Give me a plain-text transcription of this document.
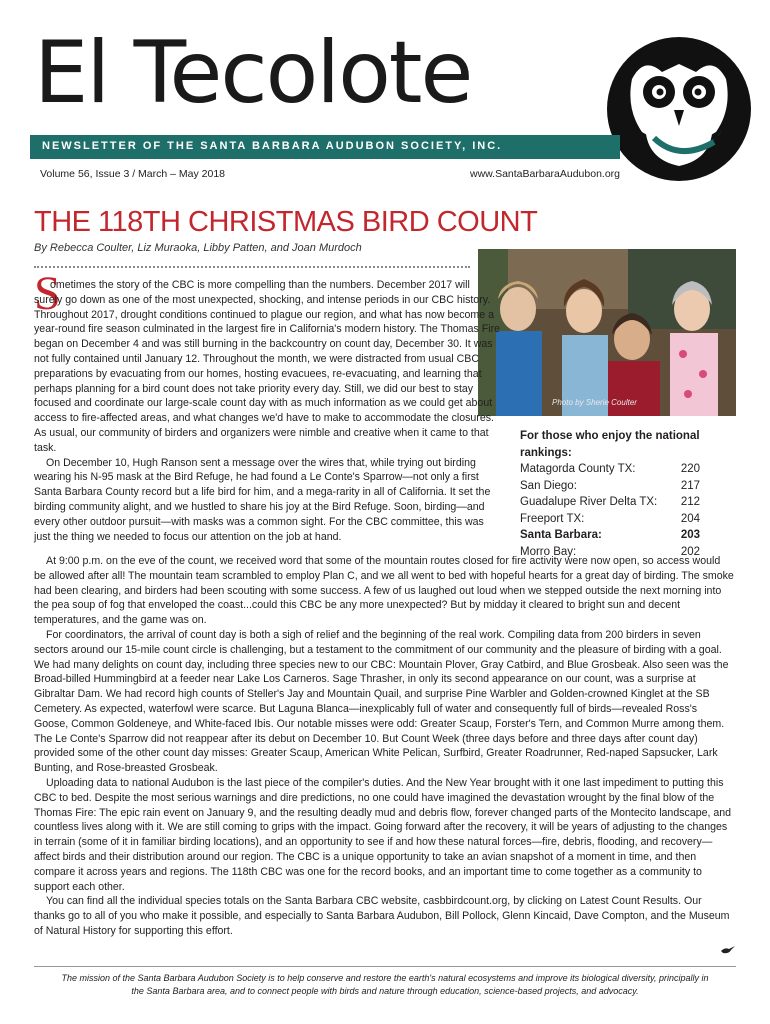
El Tecolote
NEWSLETTER OF THE SANTA BARBARA AUDUBON SOCIETY, INC.
Volume 56, Issue 3 / March – May 2018	www.SantaBarbaraAudubon.org
THE 118TH CHRISTMAS BIRD COUNT
By Rebecca Coulter, Liz Muraoka, Libby Patten, and Joan Murdoch
Photo by Sherie Coulter
S

ometimes the story of the CBC is more compelling than the numbers. December 2017 will surely go down as one of the most unexpected, shocking, and intense periods in our CBC history. Throughout 2017, drought conditions continued to plague our region, and what has now become a year-round fire season culminated in the largest fire in California's modern history. The Thomas Fire began on December 4 and was still burning in the backcountry on count day, December 30. It was not fully contained until January 12. Throughout the month, we were distracted from usual CBC preparations by evacuating from our homes, hosting evacuees, re-evacuating, and learning that perhaps planning for a bird count does not take priority every day. Still, we did our best to stay focused and coordinate our large-scale count day with as much information as we could get about access to fire-affected areas, and what changes we'd have to make to accommodate the closures. As usual, our community of birders and organizers were nimble and creative when it came to that task.

On December 10, Hugh Ranson sent a message over the wires that, while trying out birding wearing his N-95 mask at the Bird Refuge, he had found a Le Conte's Sparrow—not only a first Santa Barbara County record but a life bird for him, and a mega-rarity in all of California. It set the birding community alight, and we hustled to share his joy at the Bird Refuge. Soon, birding—and every other outdoor pursuit—with masks was a common sight. For the CBC committee, this was just the thing we needed to focus our attention on the job at hand.

For those who enjoy the national rankings:
Matagorda County TX:	220
San Diego:	217
Guadalupe River Delta TX: 212
Freeport TX:	204
Santa Barbara:	203
Morro Bay:	202

At 9:00 p.m. on the eve of the count, we received word that some of the mountain routes closed for fire activity were now open, so access would be allowed after all! The mountain team scrambled to employ Plan C, and we all went to bed with hopeful hearts for a great day of birding. The smoke had been clearing, and birders had been scouting with some success. A few of us laughed out loud when we stepped outside the next morning into the pea soup of fog that enveloped the coast...could this CBC be any more unexpected? But by midday it cleared to bright sun and decent temperatures, and the game was on.

For coordinators, the arrival of count day is both a sigh of relief and the beginning of the real work. Compiling data from 200 birders in seven sectors around our 15-mile count circle is challenging, but a testament to the commitment of our community and the pleasure of birding with a goal. We had many delights on count day, including three species new to our CBC: Mountain Plover, Gray Catbird, and Blue Grosbeak. Also seen was the Broad-billed Hummingbird at a feeder near Lake Los Carneros. Sage Thrasher, in only its second appearance on our count, was a surprise at Gibraltar Dam. We had record high counts of Steller's Jay and Mountain Quail, and surprise Pine Warbler and Golden-crowned Kinglet at the SB Cemetery. As expected, waterfowl were scarce. But Laguna Blanca—inexplicably full of water and consequently full of birds—revealed Ross's Goose, Common Goldeneye, and White-faced Ibis. Our notable misses were odd: Greater Scaup, Forster's Tern, and Common Murre among them. The Le Conte's Sparrow did not reappear after its debut on December 10. But Count Week (three days before and three days after count day) provided some of the other count day misses: Greater Scaup, American White Pelican, Surfbird, Greater Roadrunner, Red-naped Sapsucker, Lark Bunting, and Rose-breasted Grosbeak.

Uploading data to national Audubon is the last piece of the compiler's duties. And the New Year brought with it one last impediment to putting this CBC to bed. Despite the most serious warnings and dire predictions, no one could have imagined the devastation wrought by the final blow of the Thomas Fire: The epic rain event on January 9, and the resulting deadly mud and debris flow, forever changed parts of the Montecito landscape, and countless lives along with it. We are still coming to grips with the impact. Going forward after the recovery, it will be years of adjusting to the changes in terrain (some of it in familiar birding locations), and an opportunity to see if and how these natural forces—fire, debris, flooding, and recovery—affect birds and their distribution around our region. The CBC is a unique opportunity to take an avian snapshot of a moment in time, and then compare it across years and regions. The 118th CBC was one for the record books, and an important time to come together as a community to support each other.

You can find all the individual species totals on the Santa Barbara CBC website, casbbirdcount.org, by clicking on Latest Count Results. Our thanks go to all of you who make it possible, and especially to Santa Barbara Audubon, Bill Pollock, Glenn Kincaid, Dave Compton, and the Museum of Natural History for supporting this effort.

The mission of the Santa Barbara Audubon Society is to help conserve and restore the earth's natural ecosystems and improve its biological diversity, principally in the Santa Barbara area, and to connect people with birds and nature through education, science-based projects, and advocacy.
